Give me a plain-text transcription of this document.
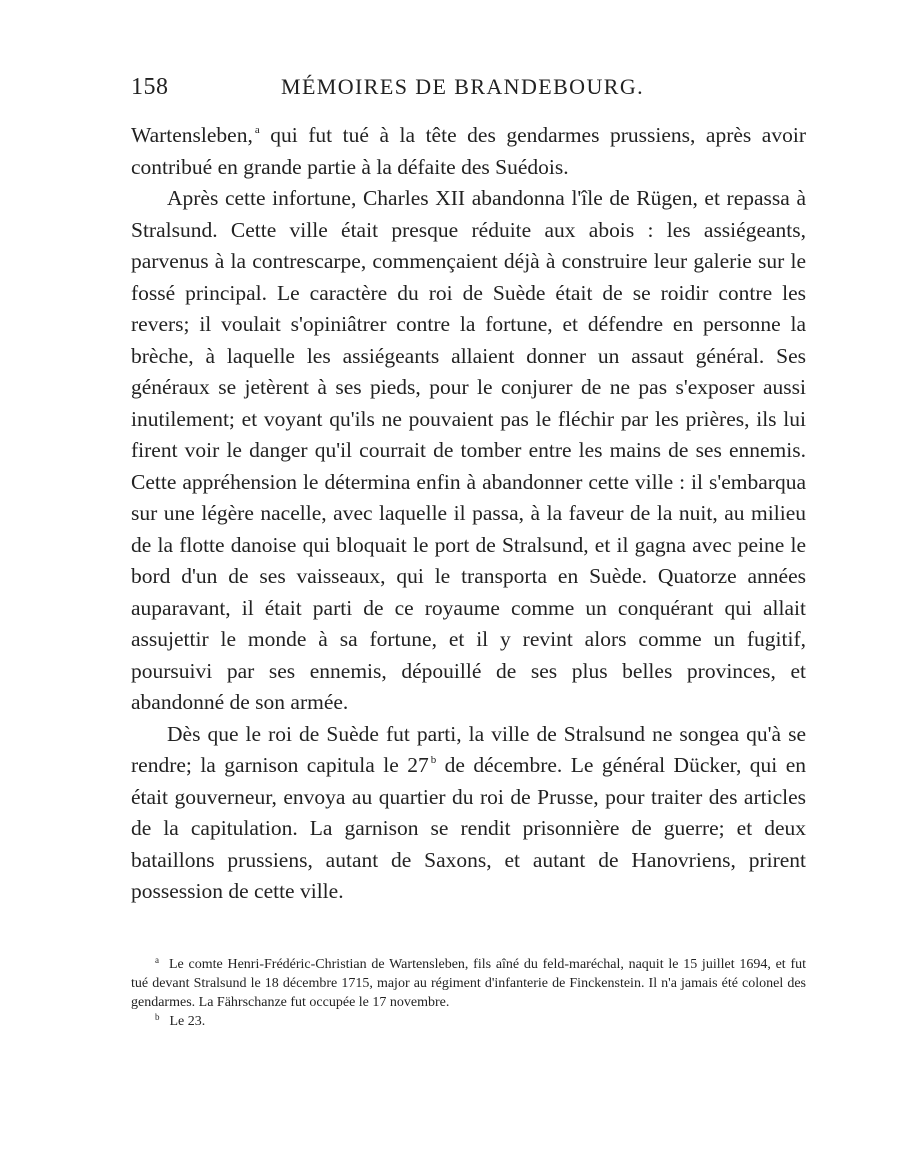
158	MÉMOIRES DE BRANDEBOURG.

Wartensleben, $^a$ qui fut tué à la tête des gendarmes prussiens, après avoir contribué en grande partie à la défaite des Suédois.

Après cette infortune, Charles XII abandonna l'île de Rügen, et repassa à Stralsund. Cette ville était presque réduite aux abois : les assiégeants, parvenus à la contrescarpe, commençaient déjà à construire leur galerie sur le fossé principal. Le caractère du roi de Suède était de se roidir contre les revers; il voulait s'opiniâtrer contre la fortune, et défendre en personne la brèche, à laquelle les assiégeants allaient donner un assaut général. Ses généraux se jetèrent à ses pieds, pour le conjurer de ne pas s'exposer aussi inutilement; et voyant qu'ils ne pouvaient pas le fléchir par les prières, ils lui firent voir le danger qu'il courrait de tomber entre les mains de ses ennemis. Cette appréhension le détermina enfin à abandonner cette ville : il s'embarqua sur une légère nacelle, avec laquelle il passa, à la faveur de la nuit, au milieu de la flotte danoise qui bloquait le port de Stralsund, et il gagna avec peine le bord d'un de ses vaisseaux, qui le transporta en Suède. Quatorze années auparavant, il était parti de ce royaume comme un conquérant qui allait assujettir le monde à sa fortune, et il y revint alors comme un fugitif, poursuivi par ses ennemis, dépouillé de ses plus belles provinces, et abandonné de son armée.

Dès que le roi de Suède fut parti, la ville de Stralsund ne songea qu'à se rendre; la garnison capitula le 27 $^b$ de décembre. Le général Dücker, qui en était gouverneur, envoya au quartier du roi de Prusse, pour traiter des articles de la capitulation. La garnison se rendit prisonnière de guerre; et deux bataillons prussiens, autant de Saxons, et autant de Hanovriens, prirent possession de cette ville.

$^a$ Le comte Henri-Frédéric-Christian de Wartensleben, fils aîné du feld-maréchal, naquit le 15 juillet 1694, et fut tué devant Stralsund le 18 décembre 1715, major au régiment d'infanterie de Finckenstein. Il n'a jamais été colonel des gendarmes. La Fährschanze fut occupée le 17 novembre.

$^b$ Le 23.
